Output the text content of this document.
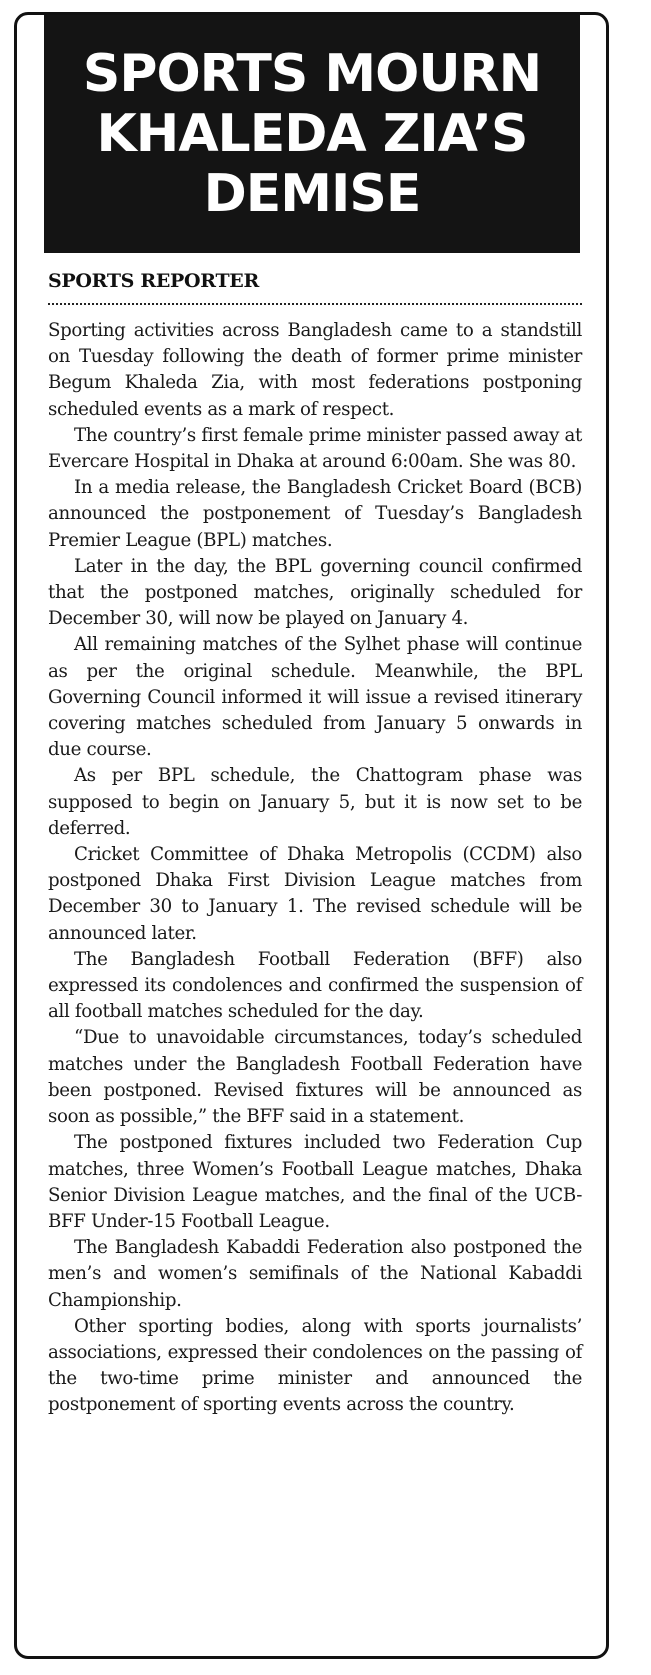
SPORTS MOURN
KHALEDA ZIA’S
DEMISE
SPORTS REPORTER

Sporting activities across Bangladesh came to a standstill on Tuesday following the death of former prime minister Begum Khaleda Zia, with most federations postponing scheduled events as a mark of respect.

The country’s first female prime minister passed away at Evercare Hospital in Dhaka at around 6:00am. She was 80.

In a media release, the Bangladesh Cricket Board (BCB) announced the postponement of Tuesday’s Bangladesh Premier League (BPL) matches.

Later in the day, the BPL governing council confirmed that the postponed matches, originally scheduled for December 30, will now be played on January 4.

All remaining matches of the Sylhet phase will continue as per the original schedule. Meanwhile, the BPL Governing Council informed it will issue a revised itinerary covering matches scheduled from January 5 onwards in due course.

As per BPL schedule, the Chattogram phase was supposed to begin on January 5, but it is now set to be deferred.

Cricket Committee of Dhaka Metropolis (CCDM) also postponed Dhaka First Division League matches from December 30 to January 1. The revised schedule will be announced later.

The Bangladesh Football Federation (BFF) also expressed its condolences and confirmed the suspension of all football matches scheduled for the day.

“Due to unavoidable circumstances, today’s scheduled matches under the Bangladesh Football Federation have been postponed. Revised fixtures will be announced as soon as possible,” the BFF said in a statement.

The postponed fixtures included two Federation Cup matches, three Women’s Football League matches, Dhaka Senior Division League matches, and the final of the UCB-BFF Under-15 Football League.

The Bangladesh Kabaddi Federation also postponed the men’s and women’s semifinals of the National Kabaddi Championship.

Other sporting bodies, along with sports journalists’ associations, expressed their condolences on the passing of the two-time prime minister and announced the postponement of sporting events across the country.
